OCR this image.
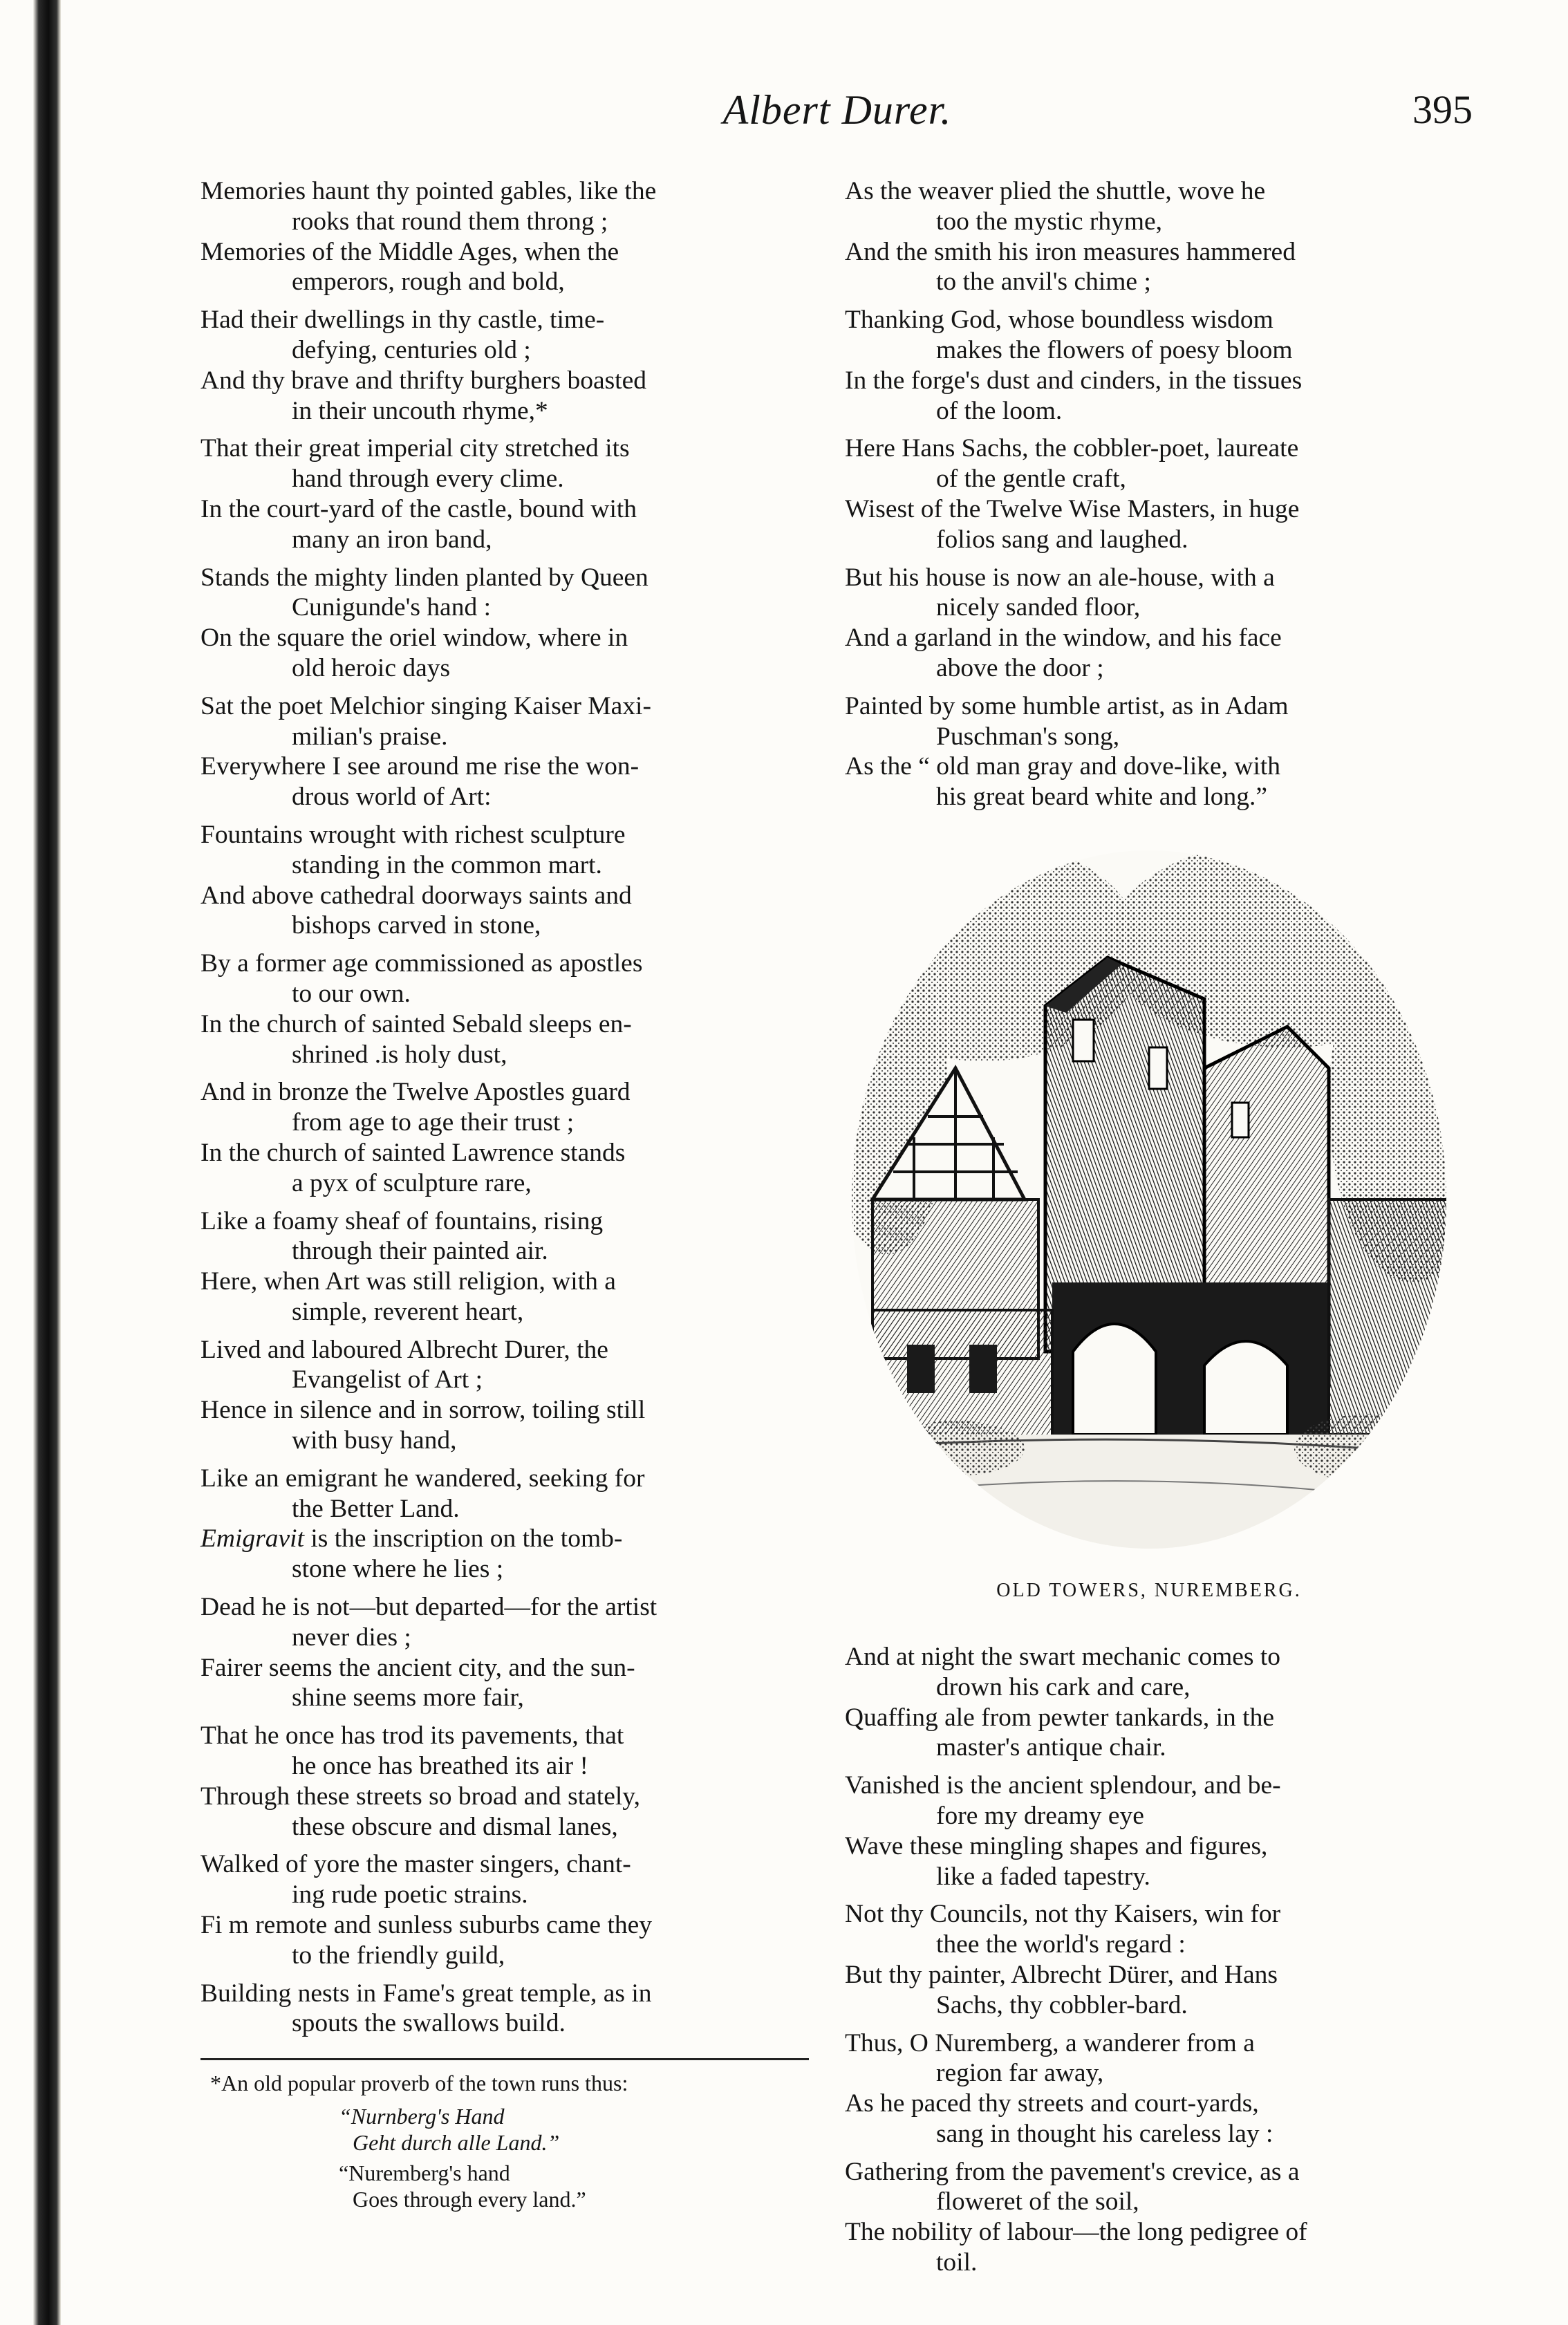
Albert Durer.	395
Memories haunt thy pointed gables, like the
rooks that round them throng ;
Memories of the Middle Ages, when the
emperors, rough and bold,
Had their dwellings in thy castle, time-
defying, centuries old ;
And thy brave and thrifty burghers boasted
in their uncouth rhyme,*
That their great imperial city stretched its
hand through every clime.
In the court-yard of the castle, bound with
many an iron band,
Stands the mighty linden planted by Queen
Cunigunde's hand :
On the square the oriel window, where in
old heroic days
Sat the poet Melchior singing Kaiser Maxi-
milian's praise.
Everywhere I see around me rise the won-
drous world of Art:
Fountains wrought with richest sculpture
standing in the common mart.
And above cathedral doorways saints and
bishops carved in stone,
By a former age commissioned as apostles
to our own.
In the church of sainted Sebald sleeps en-
shrined .is holy dust,
And in bronze the Twelve Apostles guard
from age to age their trust ;
In the church of sainted Lawrence stands
a pyx of sculpture rare,
Like a foamy sheaf of fountains, rising
through their painted air.
Here, when Art was still religion, with a
simple, reverent heart,
Lived and laboured Albrecht Durer, the
Evangelist of Art ;
Hence in silence and in sorrow, toiling still
with busy hand,
Like an emigrant he wandered, seeking for
the Better Land.
Emigravit is the inscription on the tomb-
stone where he lies ;
Dead he is not—but departed—for the artist
never dies ;
Fairer seems the ancient city, and the sun-
shine seems more fair,
That he once has trod its pavements, that
he once has breathed its air !
Through these streets so broad and stately,
these obscure and dismal lanes,
Walked of yore the master singers, chant-
ing rude poetic strains.
Fi m remote and sunless suburbs came they
to the friendly guild,
Building nests in Fame's great temple, as in
spouts the swallows build.
*An old popular proverb of the town runs thus:
“Nurnberg's Hand
Geht durch alle Land.”
“Nuremberg's hand
Goes through every land.”
As the weaver plied the shuttle, wove he
too the mystic rhyme,
And the smith his iron measures hammered
to the anvil's chime ;
Thanking God, whose boundless wisdom
makes the flowers of poesy bloom
In the forge's dust and cinders, in the tissues
of the loom.
Here Hans Sachs, the cobbler-poet, laureate
of the gentle craft,
Wisest of the Twelve Wise Masters, in huge
folios sang and laughed.
But his house is now an ale-house, with a
nicely sanded floor,
And a garland in the window, and his face
above the door ;
Painted by some humble artist, as in Adam
Puschman's song,
As the “ old man gray and dove-like, with
his great beard white and long.”
OLD TOWERS, NUREMBERG.
And at night the swart mechanic comes to
drown his cark and care,
Quaffing ale from pewter tankards, in the
master's antique chair.
Vanished is the ancient splendour, and be-
fore my dreamy eye
Wave these mingling shapes and figures,
like a faded tapestry.
Not thy Councils, not thy Kaisers, win for
thee the world's regard :
But thy painter, Albrecht Dürer, and Hans
Sachs, thy cobbler-bard.
Thus, O Nuremberg, a wanderer from a
region far away,
As he paced thy streets and court-yards,
sang in thought his careless lay :
Gathering from the pavement's crevice, as a
floweret of the soil,
The nobility of labour—the long pedigree of
toil.
